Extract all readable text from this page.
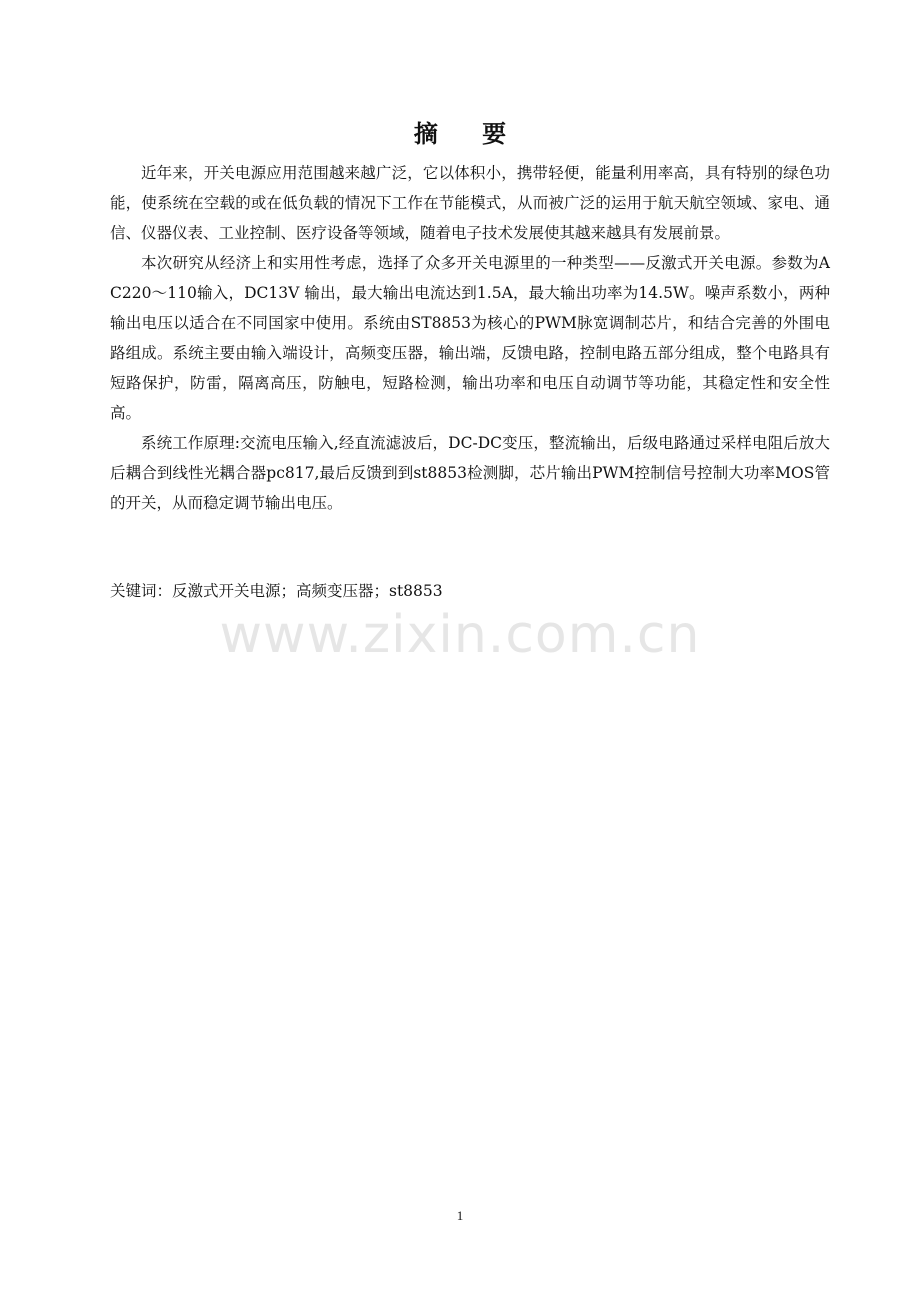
摘 要

近年来，开关电源应用范围越来越广泛，它以体积小，携带轻便，能量利用率高，具有特别的绿色功能，使系统在空载的或在低负载的情况下工作在节能模式，从而被广泛的运用于航天航空领域、家电、通信、仪器仪表、工业控制、医疗设备等领域，随着电子技术发展使其越来越具有发展前景。

本次研究从经济上和实用性考虑，选择了众多开关电源里的一种类型——反激式开关电源。参数为AC220～110输入，DC13V 输出，最大输出电流达到1.5A，最大输出功率为14.5W。噪声系数小，两种输出电压以适合在不同国家中使用。系统由ST8853为核心的PWM脉宽调制芯片，和结合完善的外围电路组成。系统主要由输入端设计，高频变压器，输出端，反馈电路，控制电路五部分组成，整个电路具有短路保护，防雷，隔离高压，防触电，短路检测，输出功率和电压自动调节等功能，其稳定性和安全性高。

系统工作原理:交流电压输入,经直流滤波后，DC-DC变压，整流输出，后级电路通过采样电阻后放大后耦合到线性光耦合器pc817,最后反馈到到st8853检测脚，芯片输出PWM控制信号控制大功率MOS管的开关，从而稳定调节输出电压。

关键词：反激式开关电源；高频变压器；st8853
www.zixin.com.cn
1
